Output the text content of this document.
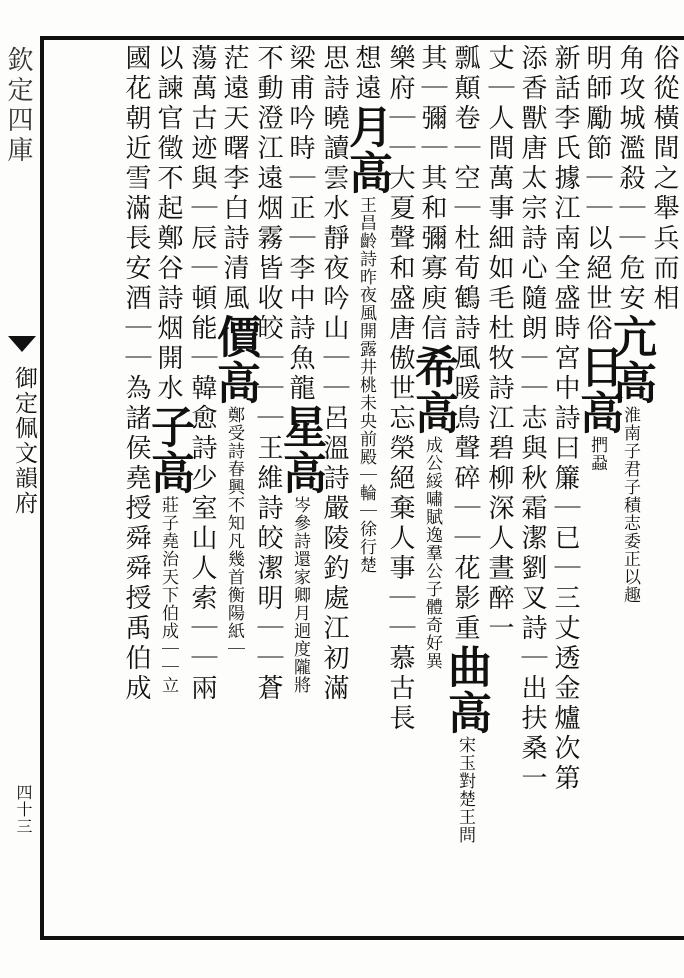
欽定四庫
御定佩文韻府
四十三
俗從橫間之舉兵而相
角攻城濫殺｜｜危安亢高淮南子君子積志委正以趣
明師勵節｜｜以絕世俗日高捫蝨
新話李氏據江南全盛時宮中詩曰簾｜已｜三丈透金爐次第
添香獸唐太宗詩心隨朗｜｜志與秋霜潔劉叉詩｜出扶桑一
丈｜人間萬事細如毛杜牧詩江碧柳深人晝醉一
瓢顛卷｜空｜杜荀鶴詩風暖鳥聲碎｜｜花影重曲高宋玉對楚王問
其｜彌｜其和彌寡庾信希高成公綏嘯賦逸羣公子體奇好異
樂府｜｜大夏聲和盛唐傲世忘榮絕棄人事｜｜慕古長
想遠月高王昌齡詩昨夜風開露井桃未央前殿｜輪｜徐行楚
思詩曉讀雲水靜夜吟山｜｜呂溫詩嚴陵釣處江初滿
梁甫吟時｜正｜李中詩魚龍星高岑參詩還家卿月迥度隴將
不動澄江遠烟霧皆收皎｜｜｜王維詩皎潔明｜｜蒼
茫遠天曙李白詩清風價高鄭受詩春興不知凡幾首衡陽紙｜
蕩萬古迹與｜辰｜頓能｜韓愈詩少室山人索｜｜兩
以諫官徵不起鄭谷詩烟開水子高莊子堯治天下伯成｜｜立
國花朝近雪滿長安酒｜｜為諸侯堯授舜舜授禹伯成
